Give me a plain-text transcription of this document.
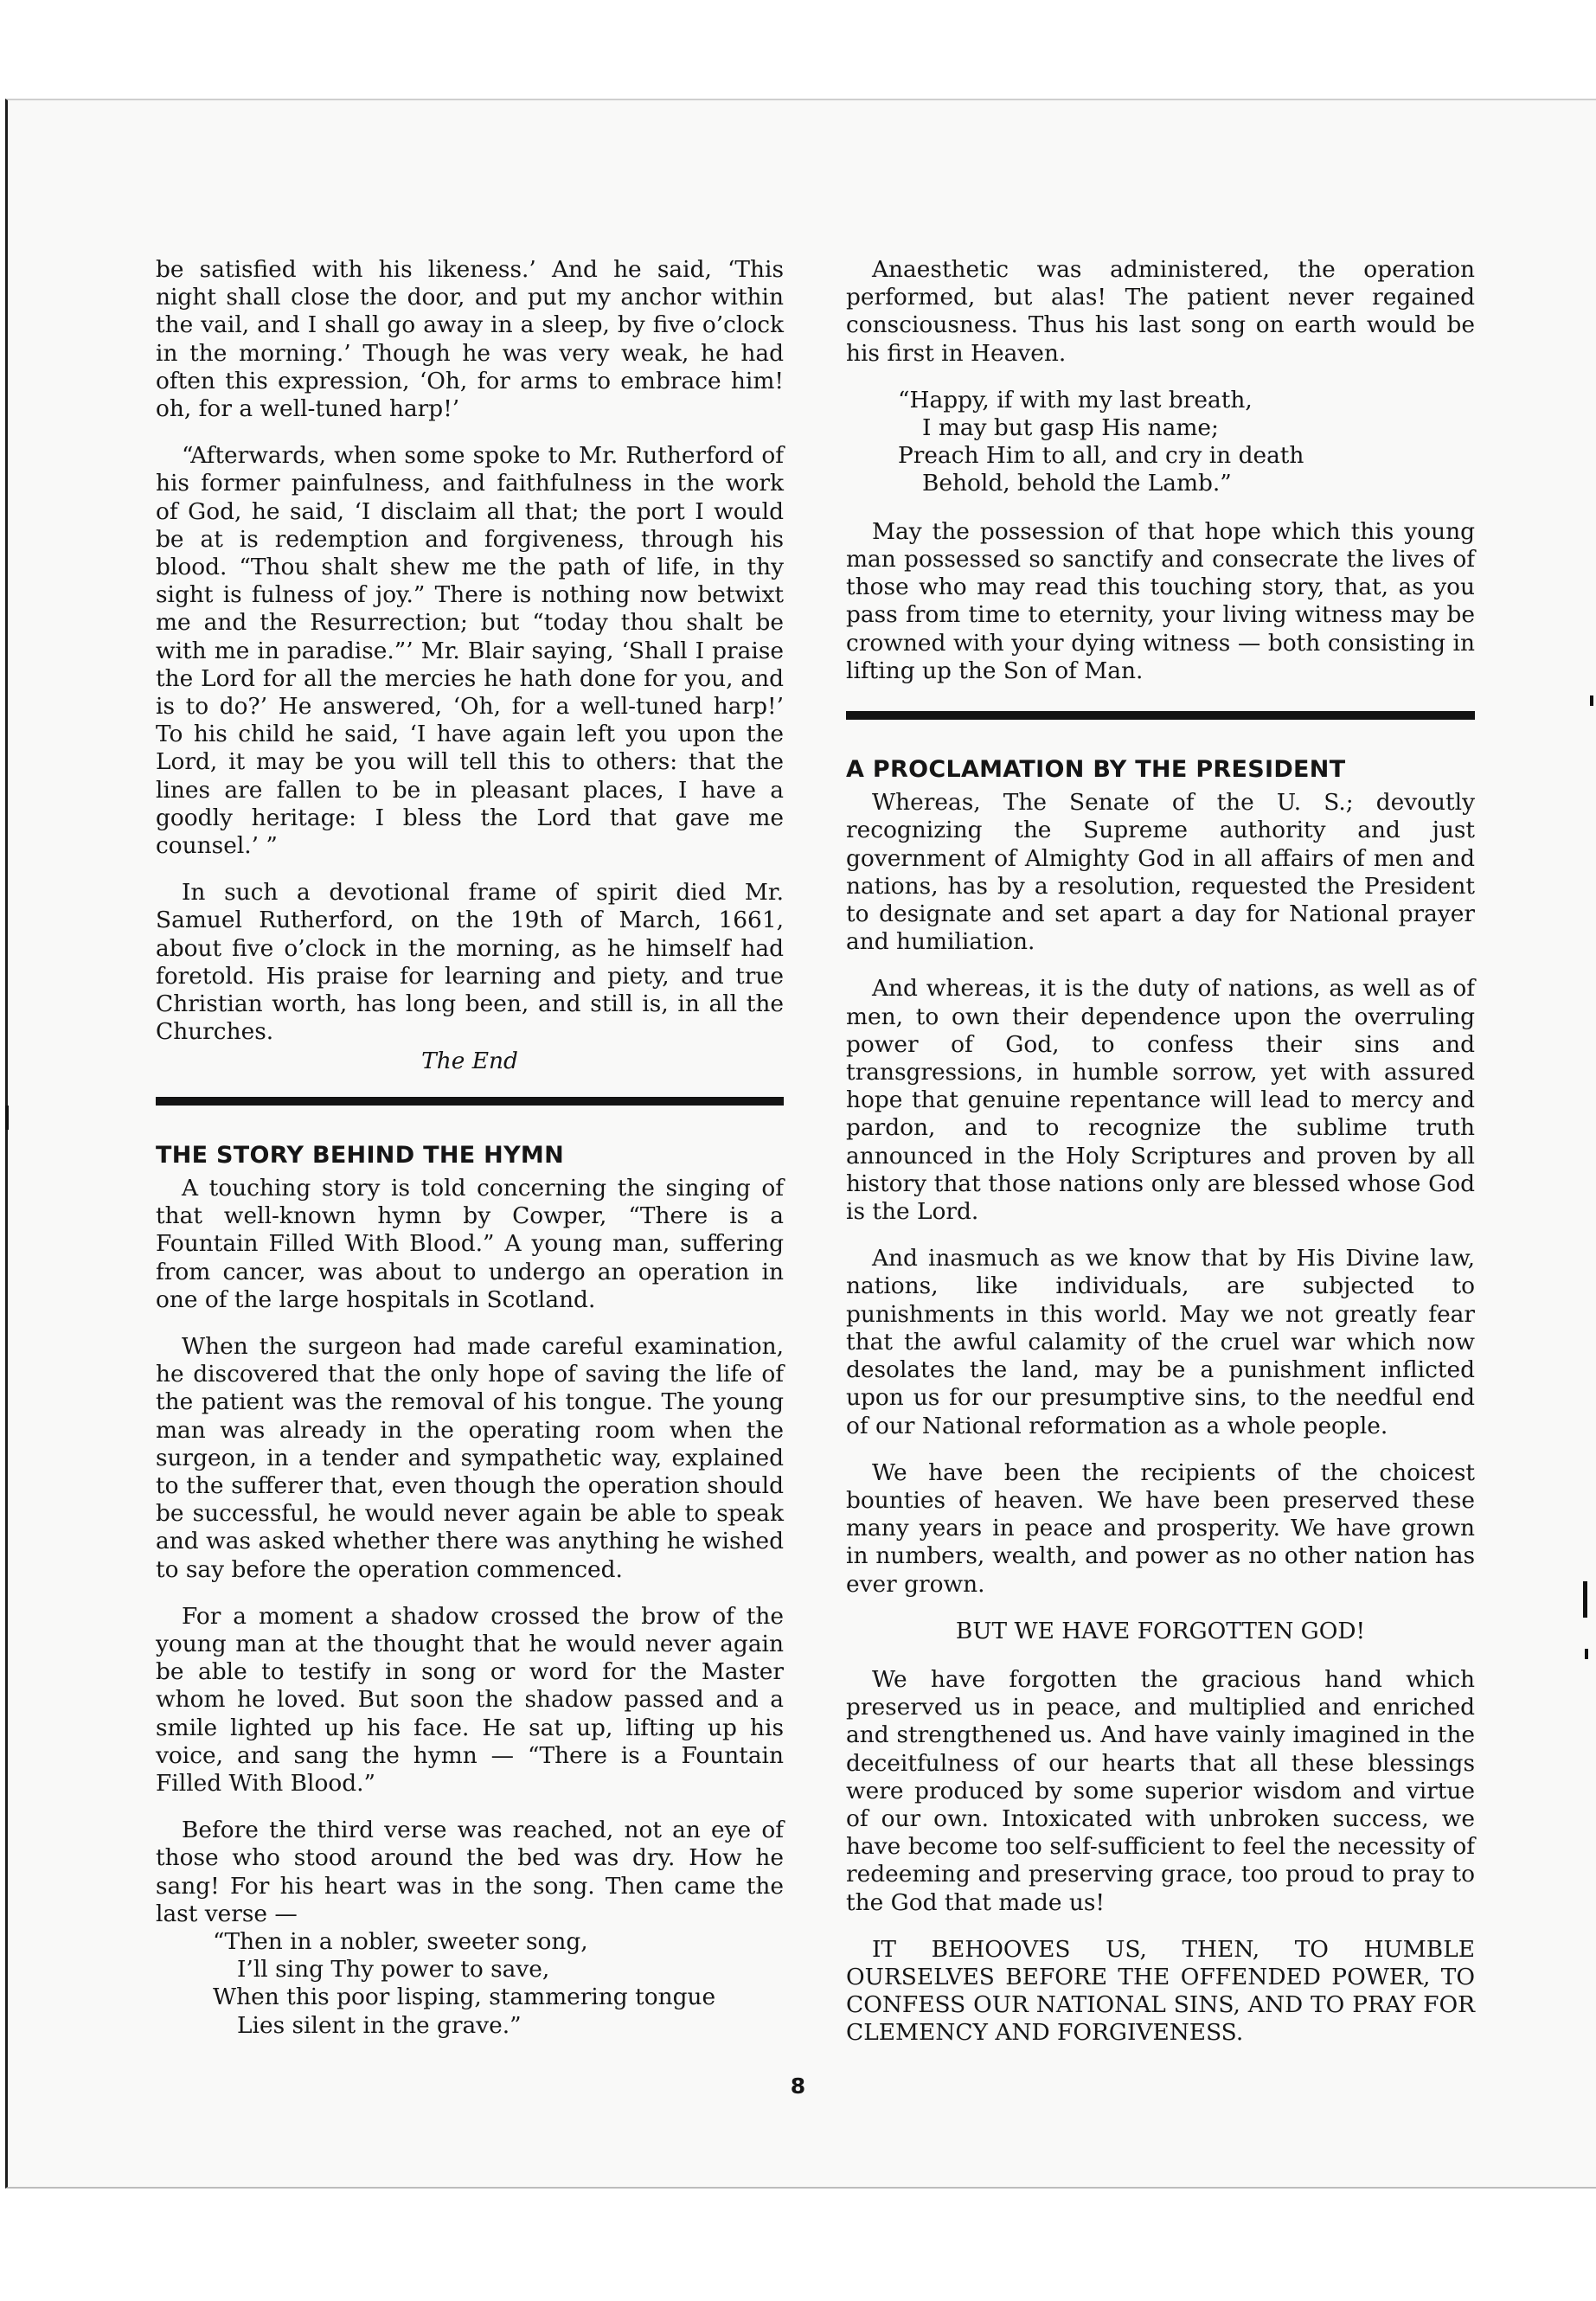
be satisfied with his likeness.’ And he said, ‘This night shall close the door, and put my anchor within the vail, and I shall go away in a sleep, by five o’clock in the morning.’ Though he was very weak, he had often this expression, ‘Oh, for arms to embrace him! oh, for a well-tuned harp!’

“Afterwards, when some spoke to Mr. Rutherford of his former painfulness, and faithfulness in the work of God, he said, ‘I disclaim all that; the port I would be at is redemption and forgiveness, through his blood. “Thou shalt shew me the path of life, in thy sight is fulness of joy.” There is nothing now betwixt me and the Resurrection; but “today thou shalt be with me in paradise.”’ Mr. Blair saying, ‘Shall I praise the Lord for all the mercies he hath done for you, and is to do?’ He answered, ‘Oh, for a well-tuned harp!’ To his child he said, ‘I have again left you upon the Lord, it may be you will tell this to others: that the lines are fallen to be in pleasant places, I have a goodly heritage: I bless the Lord that gave me counsel.’ ”

In such a devotional frame of spirit died Mr. Samuel Rutherford, on the 19th of March, 1661, about five o’clock in the morning, as he himself had foretold. His praise for learning and piety, and true Christian worth, has long been, and still is, in all the Churches.

The End

THE STORY BEHIND THE HYMN

A touching story is told concerning the singing of that well-known hymn by Cowper, “There is a Fountain Filled With Blood.” A young man, suffering from cancer, was about to undergo an operation in one of the large hospitals in Scotland.

When the surgeon had made careful examination, he discovered that the only hope of saving the life of the patient was the removal of his tongue. The young man was already in the operating room when the surgeon, in a tender and sympathetic way, explained to the sufferer that, even though the operation should be successful, he would never again be able to speak and was asked whether there was anything he wished to say before the operation commenced.

For a moment a shadow crossed the brow of the young man at the thought that he would never again be able to testify in song or word for the Master whom he loved. But soon the shadow passed and a smile lighted up his face. He sat up, lifting up his voice, and sang the hymn — “There is a Fountain Filled With Blood.”

Before the third verse was reached, not an eye of those who stood around the bed was dry. How he sang! For his heart was in the song. Then came the last verse —

“Then in a nobler, sweeter song,
I’ll sing Thy power to save,
When this poor lisping, stammering tongue
Lies silent in the grave.”

Anaesthetic was administered, the operation performed, but alas! The patient never regained consciousness. Thus his last song on earth would be his first in Heaven.

“Happy, if with my last breath,
I may but gasp His name;
Preach Him to all, and cry in death
Behold, behold the Lamb.”

May the possession of that hope which this young man possessed so sanctify and consecrate the lives of those who may read this touching story, that, as you pass from time to eternity, your living witness may be crowned with your dying witness — both consisting in lifting up the Son of Man.

A PROCLAMATION BY THE PRESIDENT

Whereas, The Senate of the U. S.; devoutly recognizing the Supreme authority and just government of Almighty God in all affairs of men and nations, has by a resolution, requested the President to designate and set apart a day for National prayer and humiliation.

And whereas, it is the duty of nations, as well as of men, to own their dependence upon the overruling power of God, to confess their sins and transgressions, in humble sorrow, yet with assured hope that genuine repentance will lead to mercy and pardon, and to recognize the sublime truth announced in the Holy Scriptures and proven by all history that those nations only are blessed whose God is the Lord.

And inasmuch as we know that by His Divine law, nations, like individuals, are subjected to punishments in this world. May we not greatly fear that the awful calamity of the cruel war which now desolates the land, may be a punishment inflicted upon us for our presumptive sins, to the needful end of our National reformation as a whole people.

We have been the recipients of the choicest bounties of heaven. We have been preserved these many years in peace and prosperity. We have grown in numbers, wealth, and power as no other nation has ever grown.

BUT WE HAVE FORGOTTEN GOD!

We have forgotten the gracious hand which preserved us in peace, and multiplied and enriched and strengthened us. And have vainly imagined in the deceitfulness of our hearts that all these blessings were produced by some superior wisdom and virtue of our own. Intoxicated with unbroken success, we have become too self-sufficient to feel the necessity of redeeming and preserving grace, too proud to pray to the God that made us!

IT BEHOOVES US, THEN, TO HUMBLE OURSELVES BEFORE THE OFFENDED POWER, TO CONFESS OUR NATIONAL SINS, AND TO PRAY FOR CLEMENCY AND FORGIVENESS.

8
